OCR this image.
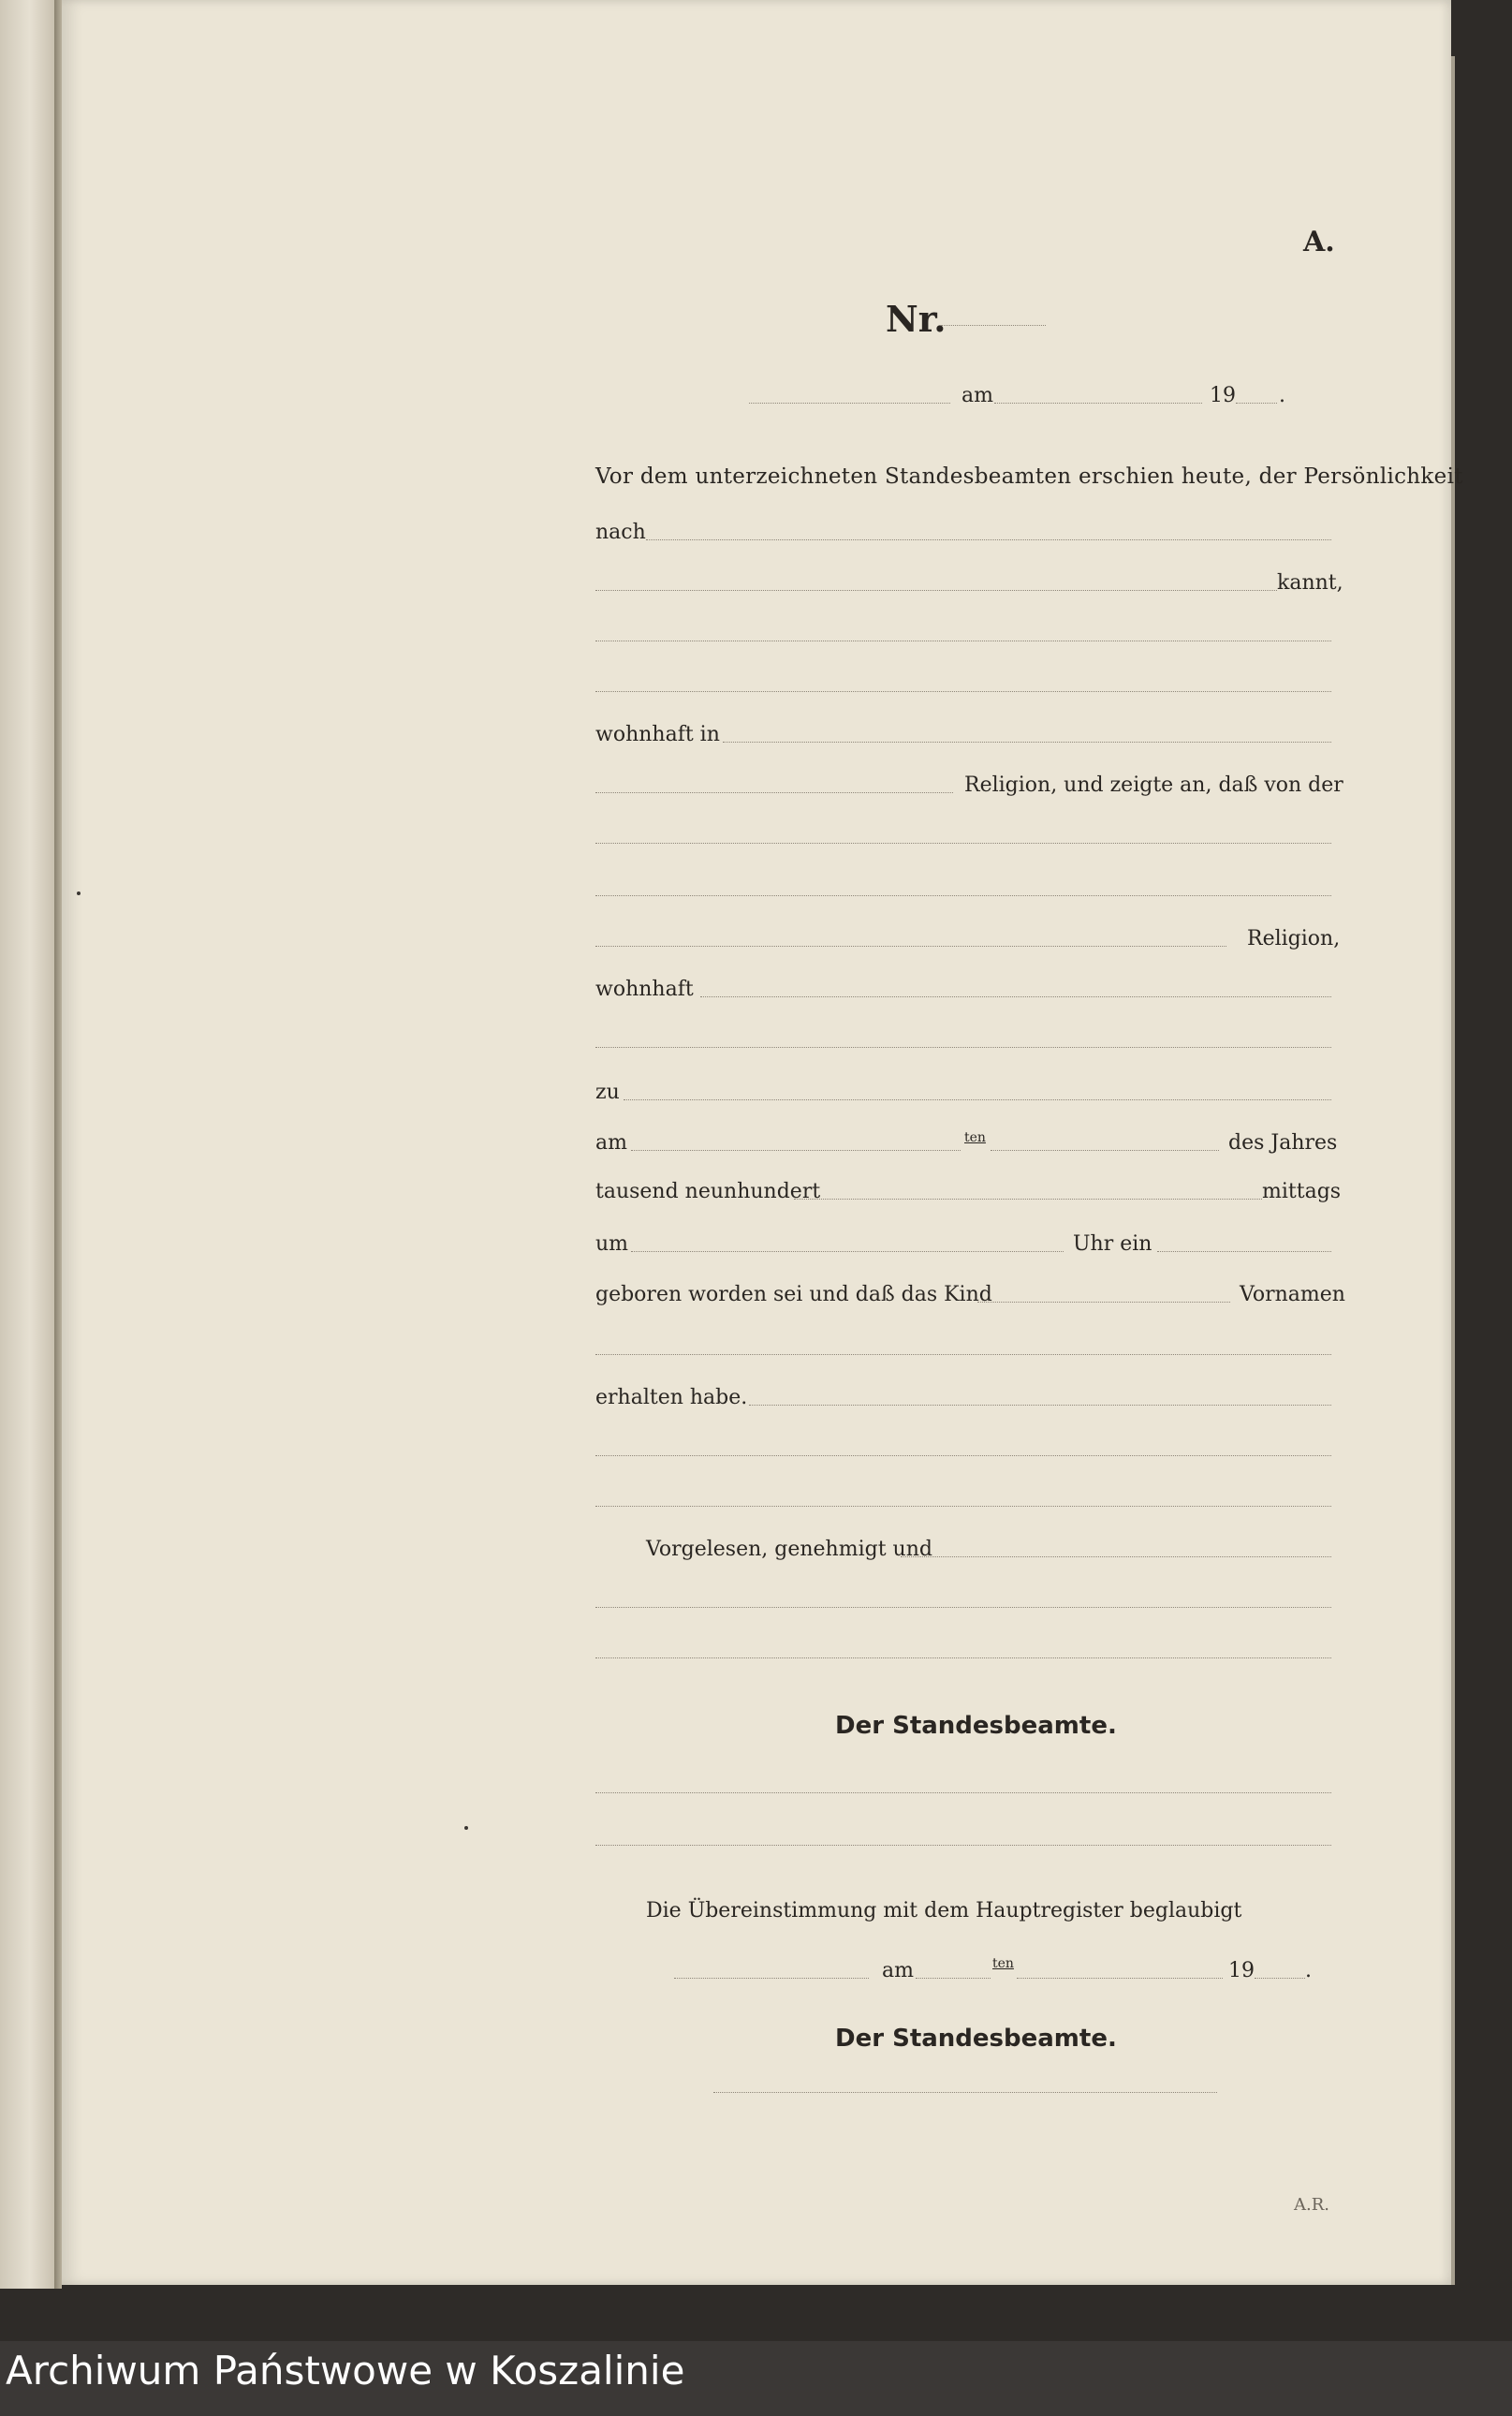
A.
Nr.
am	19 .
Vor dem unterzeichneten Standesbeamten erschien heute, der Persönlichkeit
nach
kannt,
wohnhaft in
Religion, und zeigte an, daß von der
Religion,
wohnhaft
zu
am	ten	des Jahres
tausend neunhundert	mittags
um	Uhr ein
geboren worden sei und daß das Kind	Vornamen
erhalten habe.
Vorgelesen, genehmigt und
Der Standesbeamte.
Die Übereinstimmung mit dem Hauptregister beglaubigt
am	ten	19 .
Der Standesbeamte.
A.R.
Archiwum Państwowe w Koszalinie
